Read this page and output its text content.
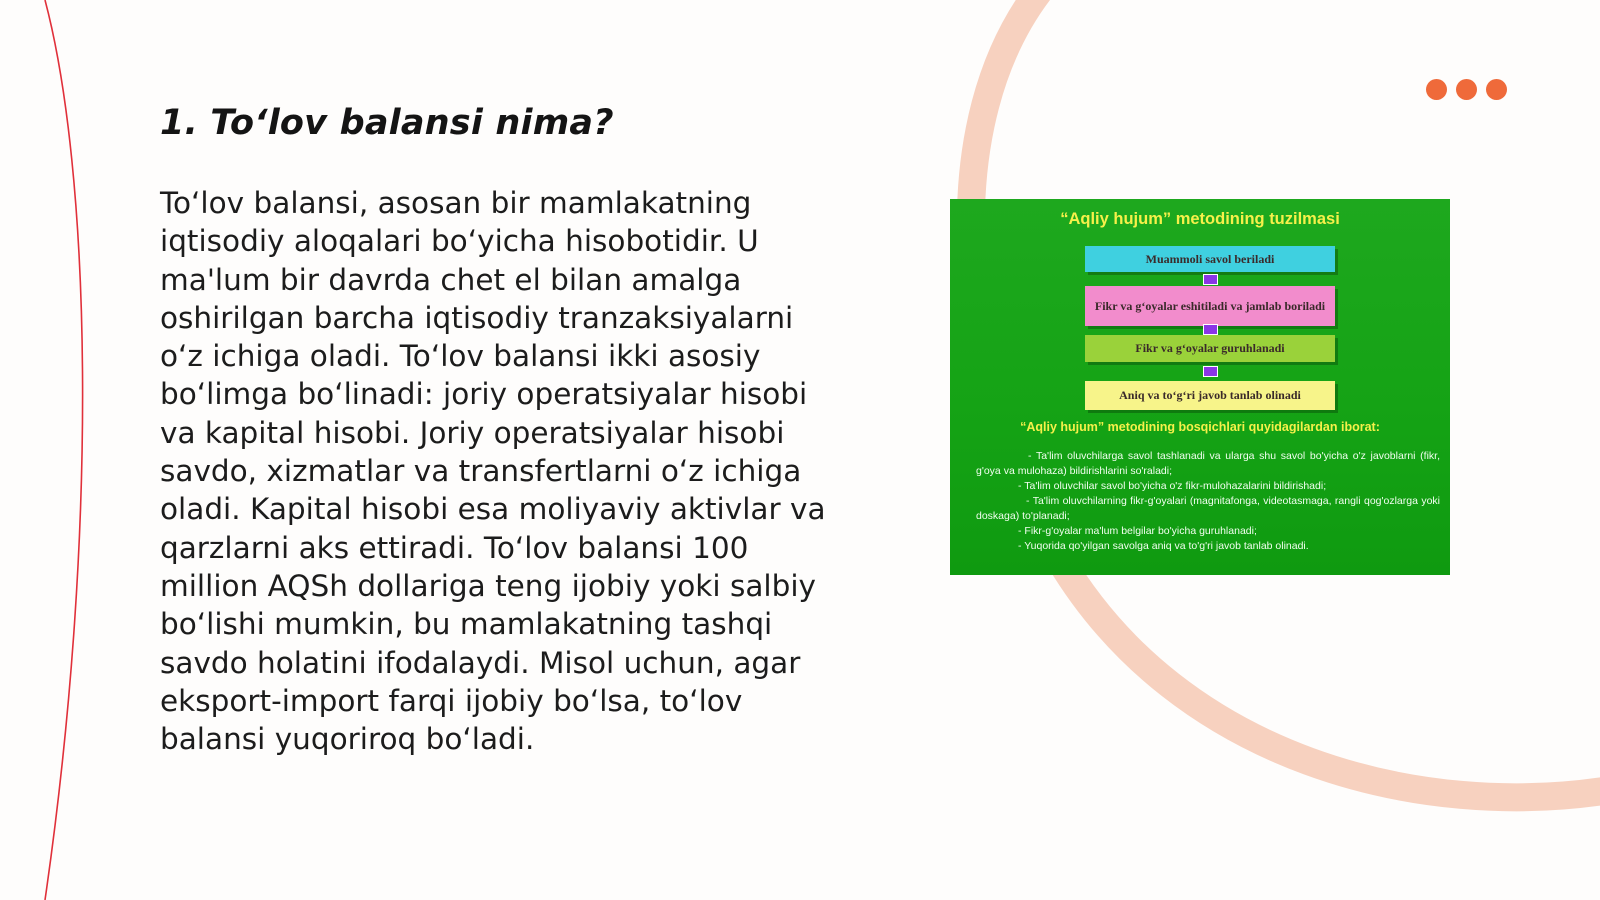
1. To‘lov balansi nima?
To‘lov balansi, asosan bir mamlakatning iqtisodiy aloqalari bo‘yicha hisobotidir. U ma'lum bir davrda chet el bilan amalga oshirilgan barcha iqtisodiy tranzaksiyalarni o‘z ichiga oladi. To‘lov balansi ikki asosiy bo‘limga bo‘linadi: joriy operatsiyalar hisobi va kapital hisobi. Joriy operatsiyalar hisobi savdo, xizmatlar va transfertlarni o‘z ichiga oladi. Kapital hisobi esa moliyaviy aktivlar va qarzlarni aks ettiradi. To‘lov balansi 100 million AQSh dollariga teng ijobiy yoki salbiy bo‘lishi mumkin, bu mamlakatning tashqi savdo holatini ifodalaydi. Misol uchun, agar eksport-import farqi ijobiy bo‘lsa, to‘lov balansi yuqoriroq bo‘ladi.
“Aqliy hujum” metodining tuzilmasi
Muammoli savol beriladi
Fikr va g‘oyalar eshitiladi va jamlab boriladi
Fikr va g‘oyalar guruhlanadi
Aniq va to‘g‘ri javob tanlab olinadi
“Aqliy hujum” metodining bosqichlari quyidagilardan iborat:

- Ta'lim oluvchilarga savol tashlanadi va ularga shu savol bo'yicha o'z javoblarni (fikr, g'oya va mulohaza) bildirishlarini so'raladi;

- Ta'lim oluvchilar savol bo'yicha o'z fikr-mulohazalarini bildirishadi;

- Ta'lim oluvchilarning fikr-g'oyalari (magnitafonga, videotasmaga, rangli qog'ozlarga yoki doskaga) to'planadi;

- Fikr-g'oyalar ma'lum belgilar bo'yicha guruhlanadi;

- Yuqorida qo'yilgan savolga aniq va to'g'ri javob tanlab olinadi.
